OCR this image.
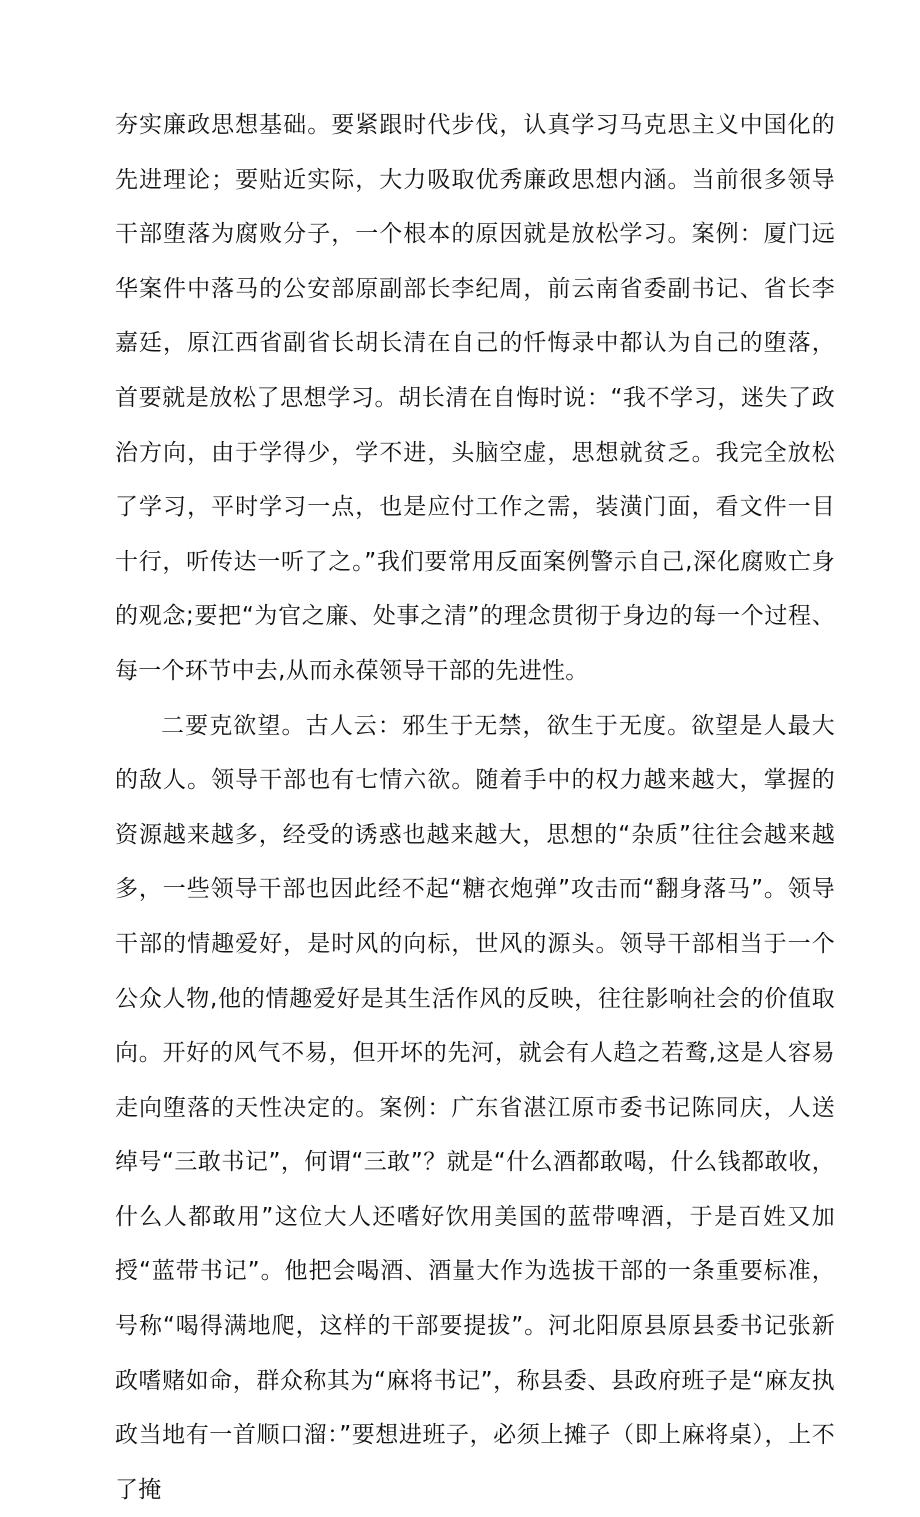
夯实廉政思想基础。要紧跟时代步伐，认真学习马克思主义中国化的先进理论；要贴近实际，大力吸取优秀廉政思想内涵。当前很多领导干部堕落为腐败分子，一个根本的原因就是放松学习。案例：厦门远华案件中落马的公安部原副部长李纪周，前云南省委副书记、省长李嘉廷，原江西省副省长胡长清在自己的忏悔录中都认为自己的堕落，首要就是放松了思想学习。胡长清在自悔时说：“我不学习，迷失了政治方向，由于学得少，学不进，头脑空虚，思想就贫乏。我完全放松了学习，平时学习一点，也是应付工作之需，装潢门面，看文件一目十行，听传达一听了之。”我们要常用反面案例警示自己,深化腐败亡身的观念;要把“为官之廉、处事之清”的理念贯彻于身边的每一个过程、每一个环节中去,从而永葆领导干部的先进性。

二要克欲望。古人云：邪生于无禁，欲生于无度。欲望是人最大的敌人。领导干部也有七情六欲。随着手中的权力越来越大，掌握的资源越来越多，经受的诱惑也越来越大，思想的“杂质”往往会越来越多，一些领导干部也因此经不起“糖衣炮弹”攻击而“翻身落马”。领导干部的情趣爱好，是时风的向标，世风的源头。领导干部相当于一个公众人物,他的情趣爱好是其生活作风的反映，往往影响社会的价值取向。开好的风气不易，但开坏的先河，就会有人趋之若鹜,这是人容易走向堕落的天性决定的。案例：广东省湛江原市委书记陈同庆，人送绰号“三敢书记”，何谓“三敢”？就是“什么酒都敢喝，什么钱都敢收，什么人都敢用”这位大人还嗜好饮用美国的蓝带啤酒，于是百姓又加授“蓝带书记”。他把会喝酒、酒量大作为选拔干部的一条重要标准，号称“喝得满地爬，这样的干部要提拔”。河北阳原县原县委书记张新政嗜赌如命，群众称其为“麻将书记”，称县委、县政府班子是“麻友执政当地有一首顺口溜：”要想进班子，必须上摊子（即上麻将桌），上不了掩
